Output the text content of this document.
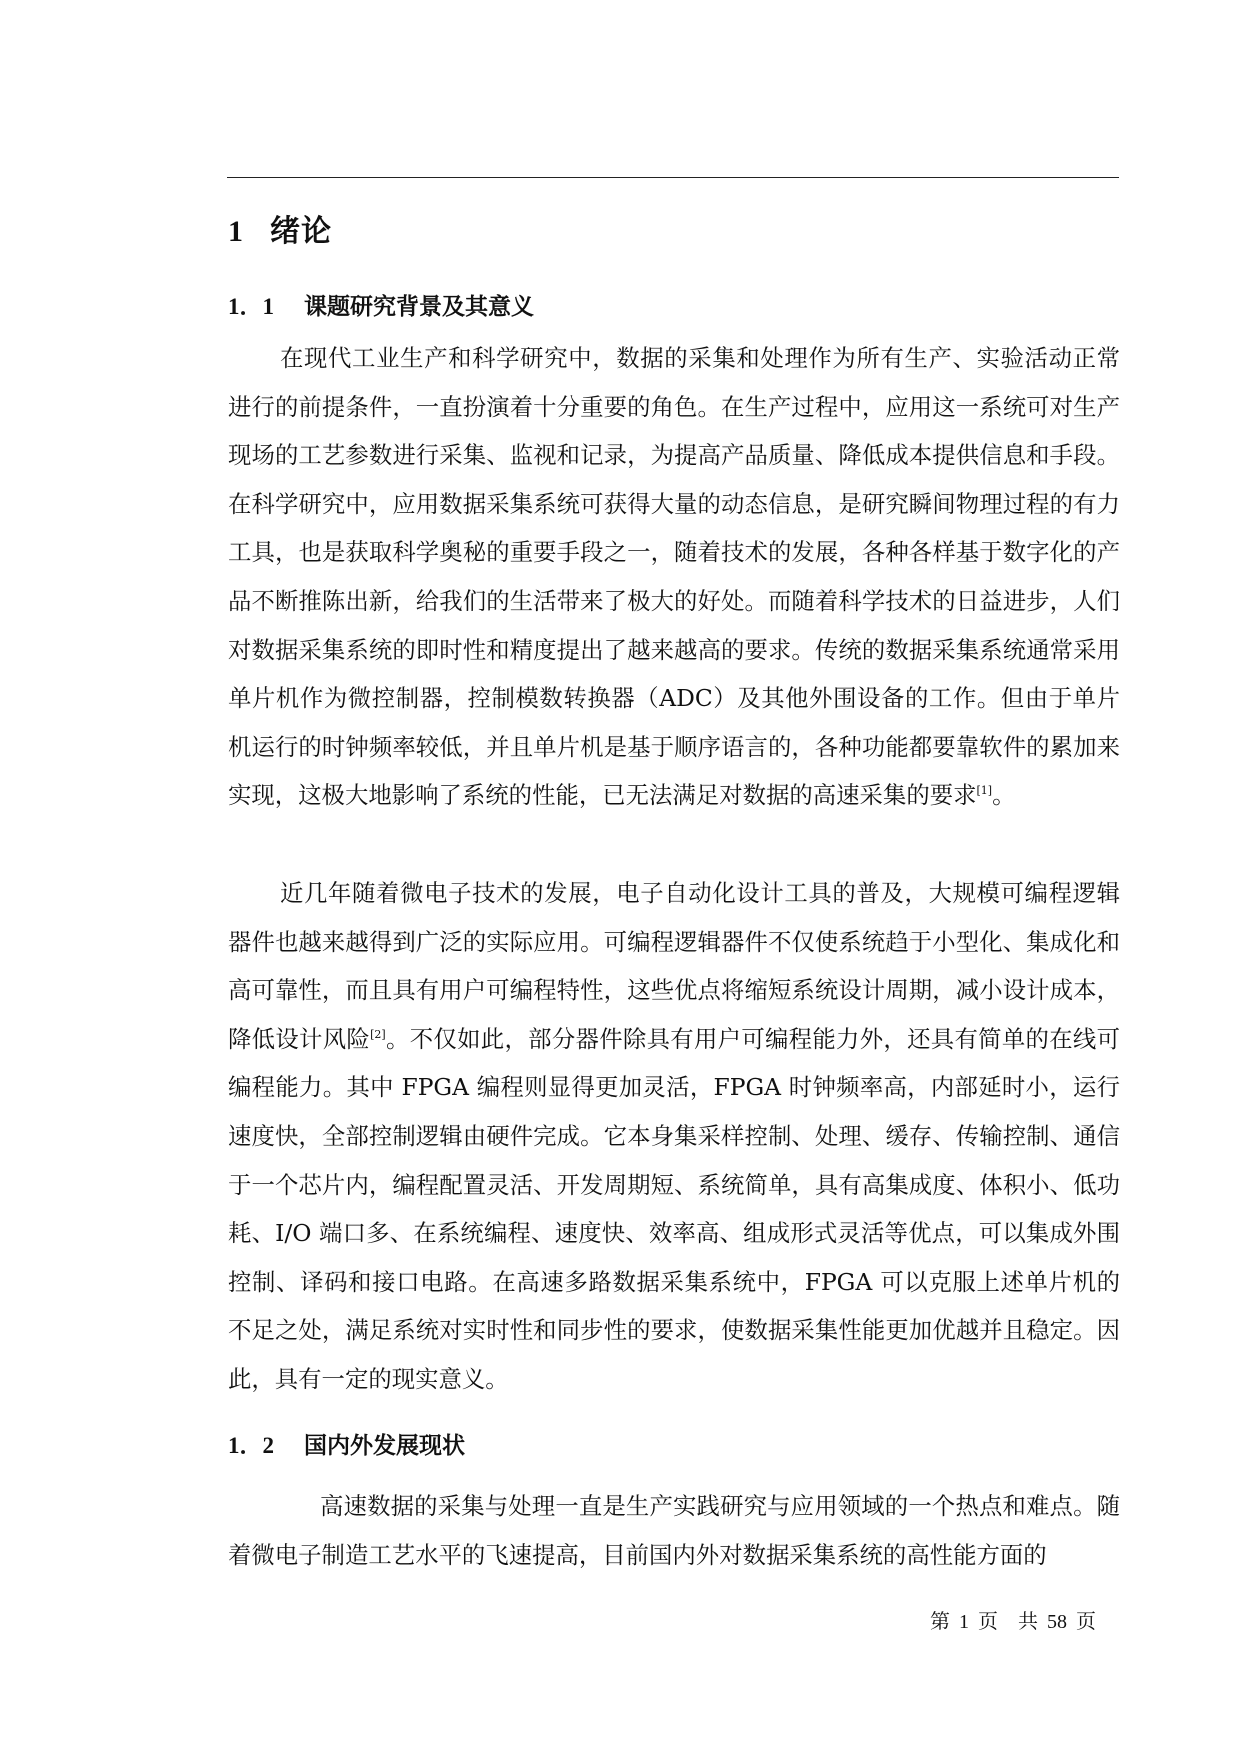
1 绪论
1．1 课题研究背景及其意义

在现代工业生产和科学研究中，数据的采集和处理作为所有生产、实验活动正常进行的前提条件，一直扮演着十分重要的角色。在生产过程中，应用这一系统可对生产现场的工艺参数进行采集、监视和记录，为提高产品质量、降低成本提供信息和手段。在科学研究中，应用数据采集系统可获得大量的动态信息，是研究瞬间物理过程的有力工具，也是获取科学奥秘的重要手段之一，随着技术的发展，各种各样基于数字化的产品不断推陈出新，给我们的生活带来了极大的好处。而随着科学技术的日益进步，人们对数据采集系统的即时性和精度提出了越来越高的要求。传统的数据采集系统通常采用单片机作为微控制器，控制模数转换器（ADC）及其他外围设备的工作。但由于单片机运行的时钟频率较低，并且单片机是基于顺序语言的，各种功能都要靠软件的累加来实现，这极大地影响了系统的性能，已无法满足对数据的高速采集的要求[1]。

近几年随着微电子技术的发展，电子自动化设计工具的普及，大规模可编程逻辑器件也越来越得到广泛的实际应用。可编程逻辑器件不仅使系统趋于小型化、集成化和高可靠性，而且具有用户可编程特性，这些优点将缩短系统设计周期，减小设计成本，降低设计风险[2]。不仅如此，部分器件除具有用户可编程能力外，还具有简单的在线可编程能力。其中 FPGA 编程则显得更加灵活，FPGA 时钟频率高，内部延时小，运行速度快，全部控制逻辑由硬件完成。它本身集采样控制、处理、缓存、传输控制、通信于一个芯片内，编程配置灵活、开发周期短、系统简单，具有高集成度、体积小、低功耗、I/O 端口多、在系统编程、速度快、效率高、组成形式灵活等优点，可以集成外围控制、译码和接口电路。在高速多路数据采集系统中，FPGA 可以克服上述单片机的不足之处，满足系统对实时性和同步性的要求，使数据采集性能更加优越并且稳定。因此，具有一定的现实意义。

1．2 国内外发展现状

高速数据的采集与处理一直是生产实践研究与应用领域的一个热点和难点。随着微电子制造工艺水平的飞速提高，目前国内外对数据采集系统的高性能方面的

第 1 页　共 58 页
